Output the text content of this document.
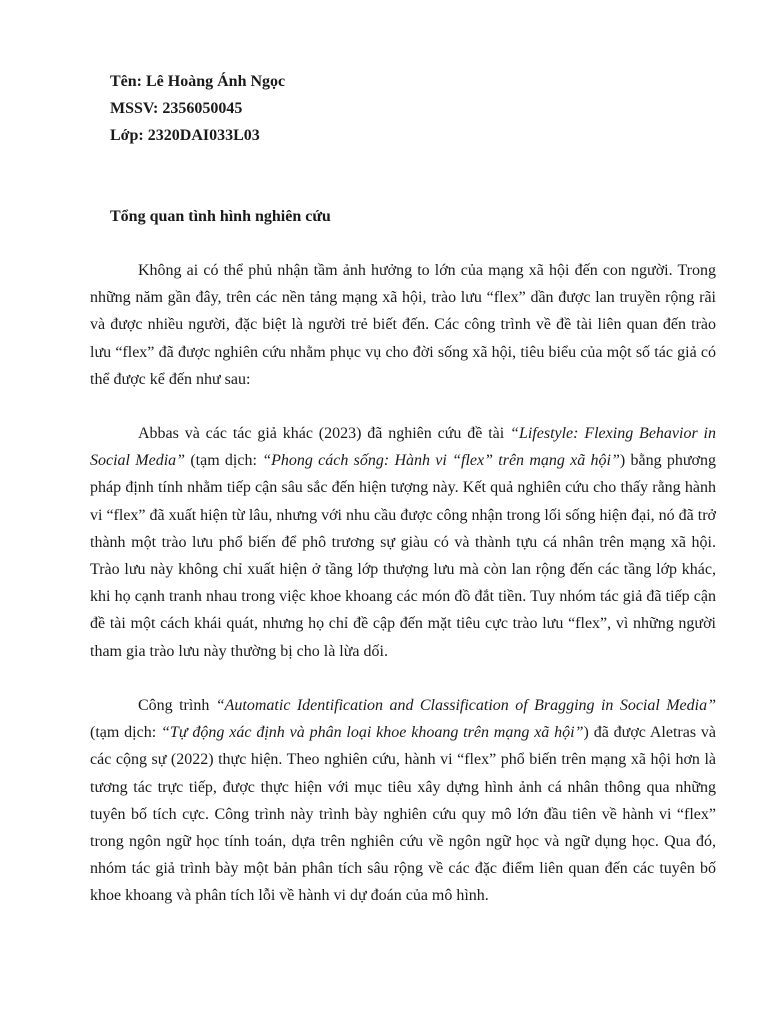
Tên: Lê Hoàng Ánh Ngọc
MSSV: 2356050045
Lớp: 2320DAI033L03
Tổng quan tình hình nghiên cứu

Không ai có thể phủ nhận tầm ảnh hưởng to lớn của mạng xã hội đến con người. Trong những năm gần đây, trên các nền tảng mạng xã hội, trào lưu “flex” dần được lan truyền rộng rãi và được nhiều người, đặc biệt là người trẻ biết đến. Các công trình về đề tài liên quan đến trào lưu “flex” đã được nghiên cứu nhằm phục vụ cho đời sống xã hội, tiêu biểu của một số tác giả có thể được kể đến như sau:

Abbas và các tác giả khác (2023) đã nghiên cứu đề tài “Lifestyle: Flexing Behavior in Social Media” (tạm dịch: “Phong cách sống: Hành vi “flex” trên mạng xã hội”) bằng phương pháp định tính nhằm tiếp cận sâu sắc đến hiện tượng này. Kết quả nghiên cứu cho thấy rằng hành vi “flex” đã xuất hiện từ lâu, nhưng với nhu cầu được công nhận trong lối sống hiện đại, nó đã trở thành một trào lưu phổ biến để phô trương sự giàu có và thành tựu cá nhân trên mạng xã hội. Trào lưu này không chỉ xuất hiện ở tầng lớp thượng lưu mà còn lan rộng đến các tầng lớp khác, khi họ cạnh tranh nhau trong việc khoe khoang các món đồ đắt tiền. Tuy nhóm tác giả đã tiếp cận đề tài một cách khái quát, nhưng họ chỉ đề cập đến mặt tiêu cực trào lưu “flex”, vì những người tham gia trào lưu này thường bị cho là lừa dối.

Công trình “Automatic Identification and Classification of Bragging in Social Media” (tạm dịch: “Tự động xác định và phân loại khoe khoang trên mạng xã hội”) đã được Aletras và các cộng sự (2022) thực hiện. Theo nghiên cứu, hành vi “flex” phổ biến trên mạng xã hội hơn là tương tác trực tiếp, được thực hiện với mục tiêu xây dựng hình ảnh cá nhân thông qua những tuyên bố tích cực. Công trình này trình bày nghiên cứu quy mô lớn đầu tiên về hành vi “flex” trong ngôn ngữ học tính toán, dựa trên nghiên cứu về ngôn ngữ học và ngữ dụng học. Qua đó, nhóm tác giả trình bày một bản phân tích sâu rộng về các đặc điểm liên quan đến các tuyên bố khoe khoang và phân tích lỗi về hành vi dự đoán của mô hình.
